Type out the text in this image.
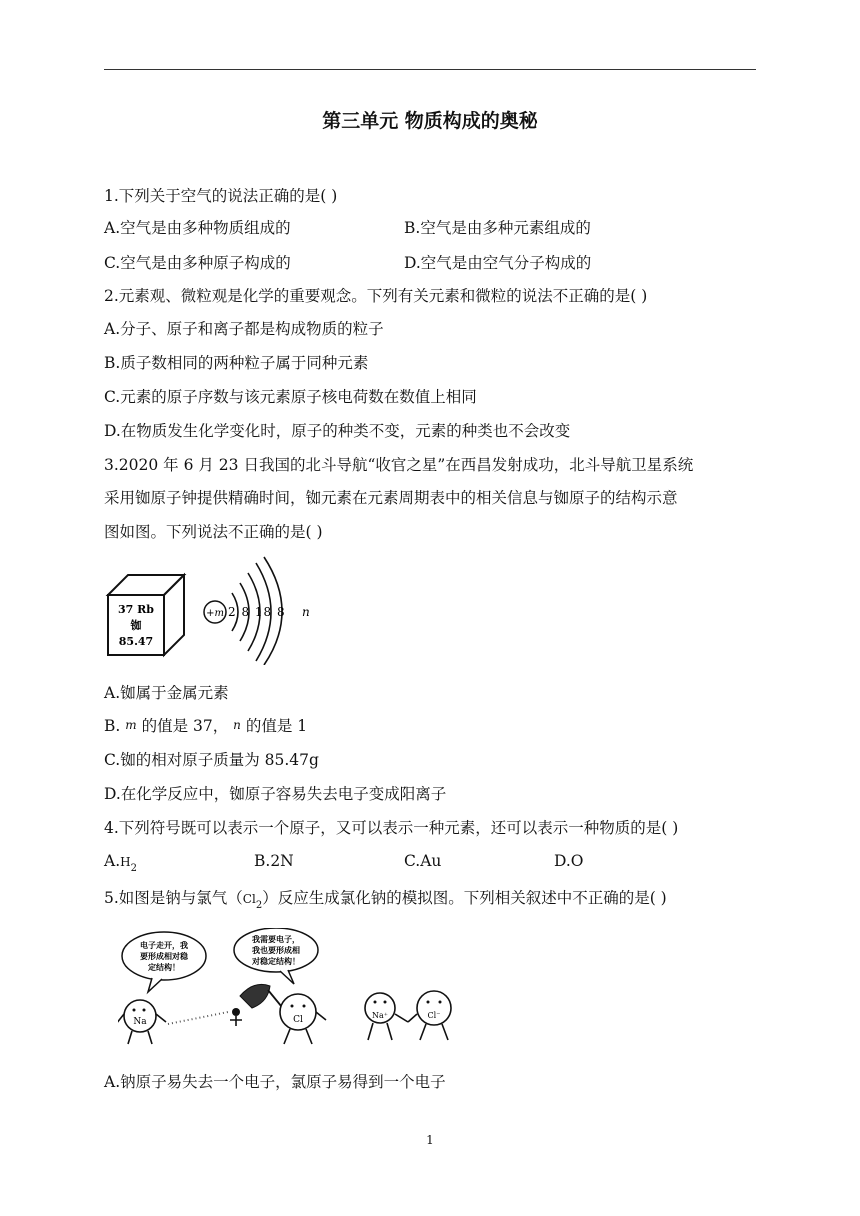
第三单元 物质构成的奥秘
1.下列关于空气的说法正确的是( )
A.空气是由多种物质组成的	B.空气是由多种元素组成的
C.空气是由多种原子构成的	D.空气是由空气分子构成的
2.元素观、微粒观是化学的重要观念。下列有关元素和微粒的说法不正确的是( )
A.分子、原子和离子都是构成物质的粒子
B.质子数相同的两种粒子属于同种元素
C.元素的原子序数与该元素原子核电荷数在数值上相同
D.在物质发生化学变化时，原子的种类不变，元素的种类也不会改变
3.2020 年 6 月 23 日我国的北斗导航“收官之星”在西昌发射成功，北斗导航卫星系统
采用铷原子钟提供精确时间，铷元素在元素周期表中的相关信息与铷原子的结构示意
图如图。下列说法不正确的是( )
37 Rb
铷
85.47
+m 2 8 18 8 n
A.铷属于金属元素
B. m 的值是 37， n 的值是 1
C.铷的相对原子质量为 85.47g
D.在化学反应中，铷原子容易失去电子变成阳离子
4.下列符号既可以表示一个原子，又可以表示一种元素，还可以表示一种物质的是( )
$A.H_2$	B.2N	C.Au	D.O
5.如图是钠与氯气$(Cl_2)$反应生成氯化钠的模拟图。下列相关叙述中不正确的是( )
电子走开，我
要形成相对稳
定结构！
我需要电子，
我也要形成相
对稳定结构！
Na	Cl	Na⁺	Cl⁻
A.钠原子易失去一个电子，氯原子易得到一个电子
1
